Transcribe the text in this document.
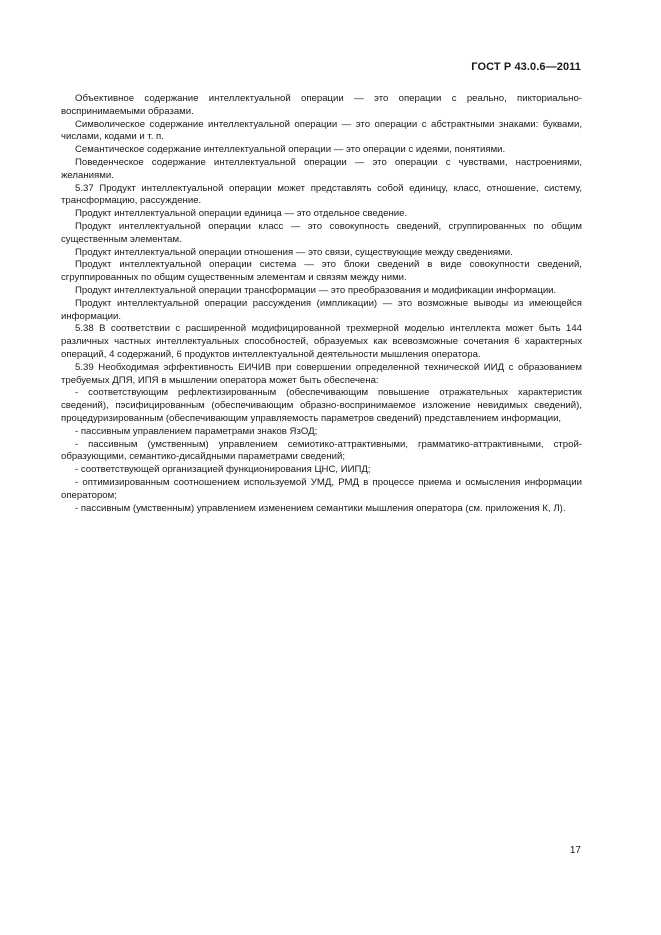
ГОСТ Р 43.0.6—2011

Объективное содержание интеллектуальной операции — это операции с реально, пикториально-воспринимаемыми образами.

Символическое содержание интеллектуальной операции — это операции с абстрактными знаками: буквами, числами, кодами и т. п.

Семантическое содержание интеллектуальной операции — это операции с идеями, понятиями.

Поведенческое содержание интеллектуальной операции — это операции с чувствами, настроениями, желаниями.

5.37 Продукт интеллектуальной операции может представлять собой единицу, класс, отношение, систему, трансформацию, рассуждение.

Продукт интеллектуальной операции единица — это отдельное сведение.

Продукт интеллектуальной операции класс — это совокупность сведений, сгруппированных по общим существенным элементам.

Продукт интеллектуальной операции отношения — это связи, существующие между сведениями.

Продукт интеллектуальной операции система — это блоки сведений в виде совокупности сведений, сгруппированных по общим существенным элементам и связям между ними.

Продукт интеллектуальной операции трансформации — это преобразования и модификации информации.

Продукт интеллектуальной операции рассуждения (импликации) — это возможные выводы из имеющейся информации.

5.38 В соответствии с расширенной модифицированной трехмерной моделью интеллекта может быть 144 различных частных интеллектуальных способностей, образуемых как всевозможные сочетания 6 характерных операций, 4 содержаний, 6 продуктов интеллектуальной деятельности мышления оператора.

5.39 Необходимая эффективность ЕИЧИВ при совершении определенной технической ИИД с образованием требуемых ДПЯ, ИПЯ в мышлении оператора может быть обеспечена:

- соответствующим рефлектизированным (обеспечивающим повышение отражательных характеристик сведений), пэсифицированным (обеспечивающим образно-воспринимаемое изложение невидимых сведений), процедуризированным (обеспечивающим управляемость параметров сведений) представлением информации,

- пассивным управлением параметрами знаков ЯзОД;

- пассивным (умственным) управлением семиотико-аттрактивными, грамматико-аттрактивными, строй-образующими, семантико-дисайдными параметрами сведений;

- соответствующей организацией функционирования ЦНС, ИИПД;

- оптимизированным соотношением используемой УМД, РМД в процессе приема и осмысления информации оператором;

- пассивным (умственным) управлением изменением семантики мышления оператора (см. приложения К, Л).

17
